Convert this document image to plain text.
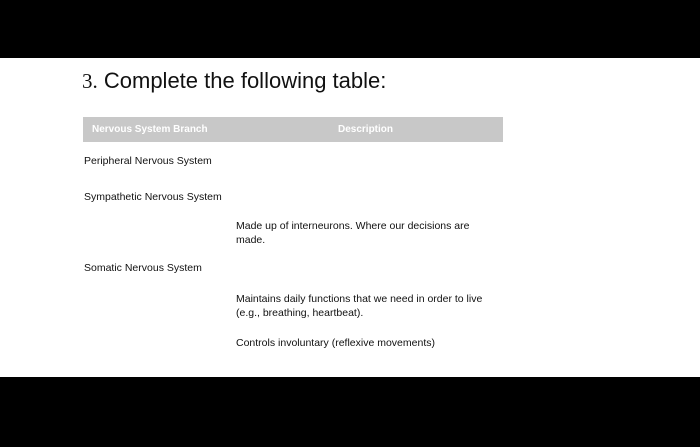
3. Complete the following table:
Nervous System Branch	Description
Peripheral Nervous System
Sympathetic Nervous System
Made up of interneurons. Where our decisions are made.
Somatic Nervous System
Maintains daily functions that we need in order to live (e.g., breathing, heartbeat).
Controls involuntary (reflexive movements)
